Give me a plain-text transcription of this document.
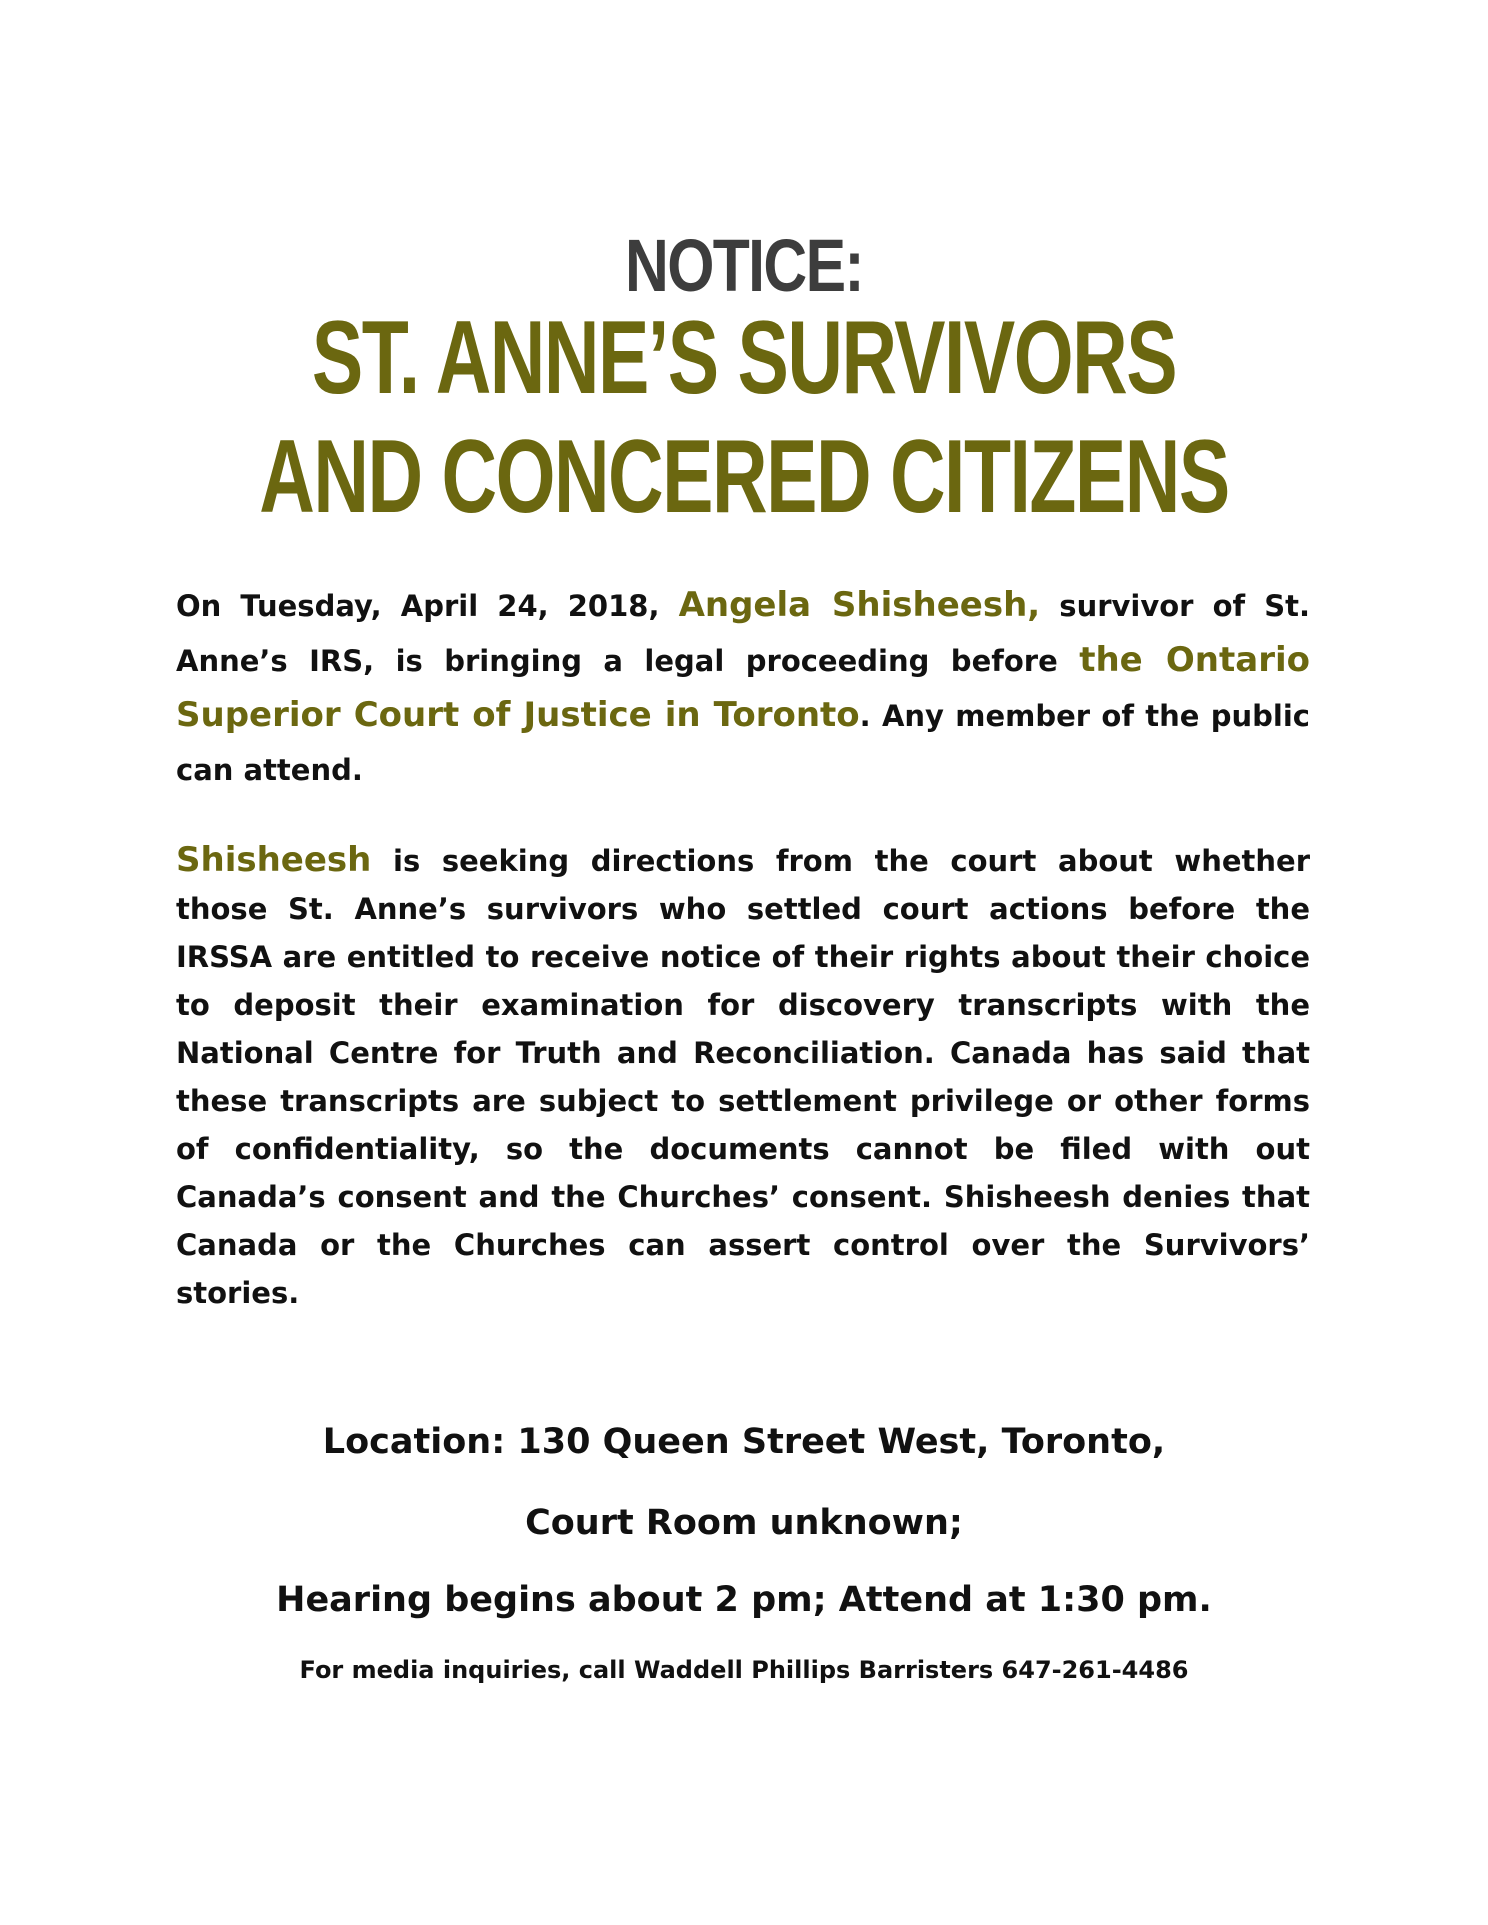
NOTICE:
ST. ANNE’S SURVIVORS
AND CONCERED CITIZENS

On Tuesday, April 24, 2018, Angela Shisheesh, survivor of St. Anne’s IRS, is bringing a legal proceeding before the Ontario Superior Court of Justice in Toronto. Any member of the public can attend.

Shisheesh is seeking directions from the court about whether those St. Anne’s survivors who settled court actions before the IRSSA are entitled to receive notice of their rights about their choice to deposit their examination for discovery transcripts with the National Centre for Truth and Reconciliation. Canada has said that these transcripts are subject to settlement privilege or other forms of confidentiality, so the documents cannot be filed with out Canada’s consent and the Churches’ consent. Shisheesh denies that Canada or the Churches can assert control over the Survivors’ stories.

Location: 130 Queen Street West, Toronto,

Court Room unknown;

Hearing begins about 2 pm; Attend at 1:30 pm.

For media inquiries, call Waddell Phillips Barristers 647-261-4486
